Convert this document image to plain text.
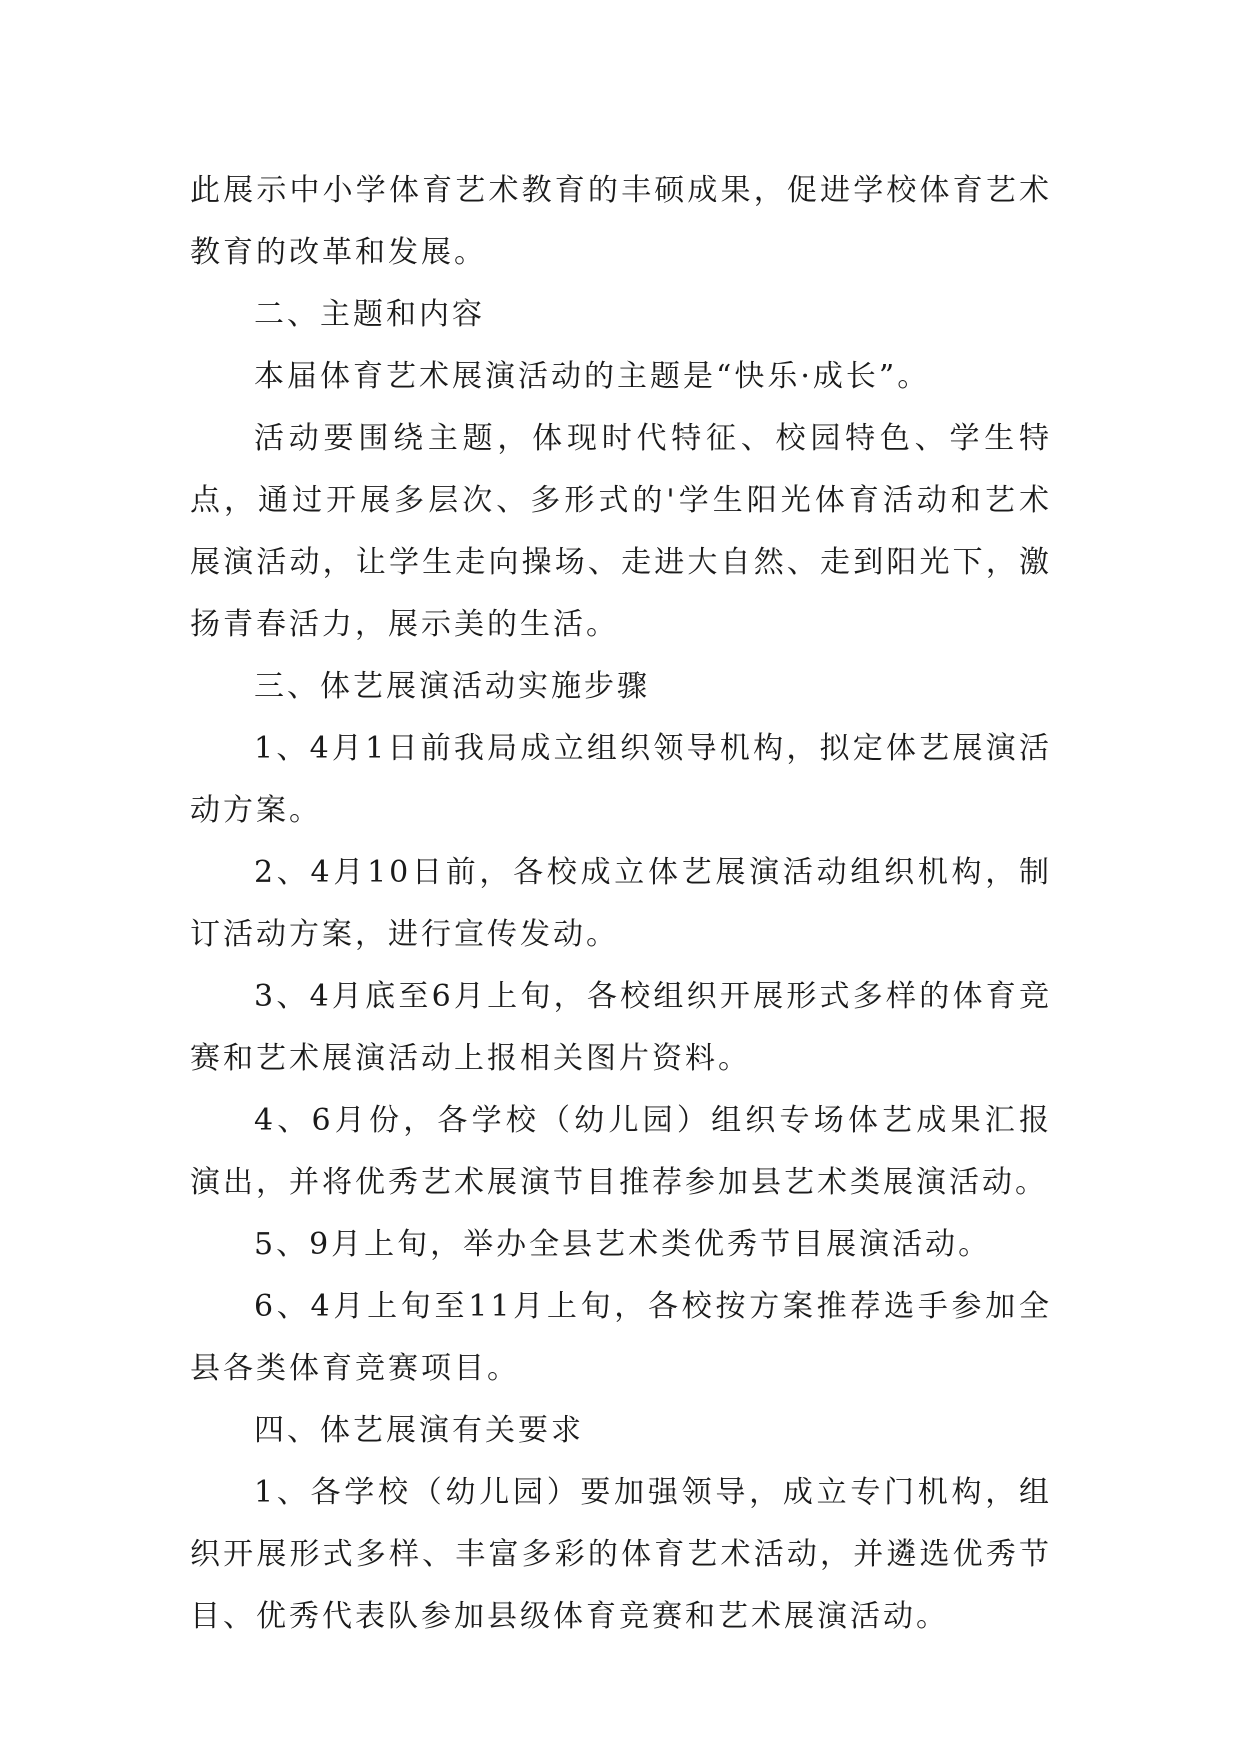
此展示中小学体育艺术教育的丰硕成果，促进学校体育艺术教育的改革和发展。

二、主题和内容

本届体育艺术展演活动的主题是“快乐·成长”。

活动要围绕主题，体现时代特征、校园特色、学生特点，通过开展多层次、多形式的'学生阳光体育活动和艺术展演活动，让学生走向操场、走进大自然、走到阳光下，激扬青春活力，展示美的生活。

三、体艺展演活动实施步骤

1、4月1日前我局成立组织领导机构，拟定体艺展演活动方案。

2、4月10日前，各校成立体艺展演活动组织机构，制订活动方案，进行宣传发动。

3、4月底至6月上旬，各校组织开展形式多样的体育竞赛和艺术展演活动上报相关图片资料。

4、6月份，各学校（幼儿园）组织专场体艺成果汇报演出，并将优秀艺术展演节目推荐参加县艺术类展演活动。

5、9月上旬，举办全县艺术类优秀节目展演活动。

6、4月上旬至11月上旬，各校按方案推荐选手参加全县各类体育竞赛项目。

四、体艺展演有关要求

1、各学校（幼儿园）要加强领导，成立专门机构，组织开展形式多样、丰富多彩的体育艺术活动，并遴选优秀节目、优秀代表队参加县级体育竞赛和艺术展演活动。
